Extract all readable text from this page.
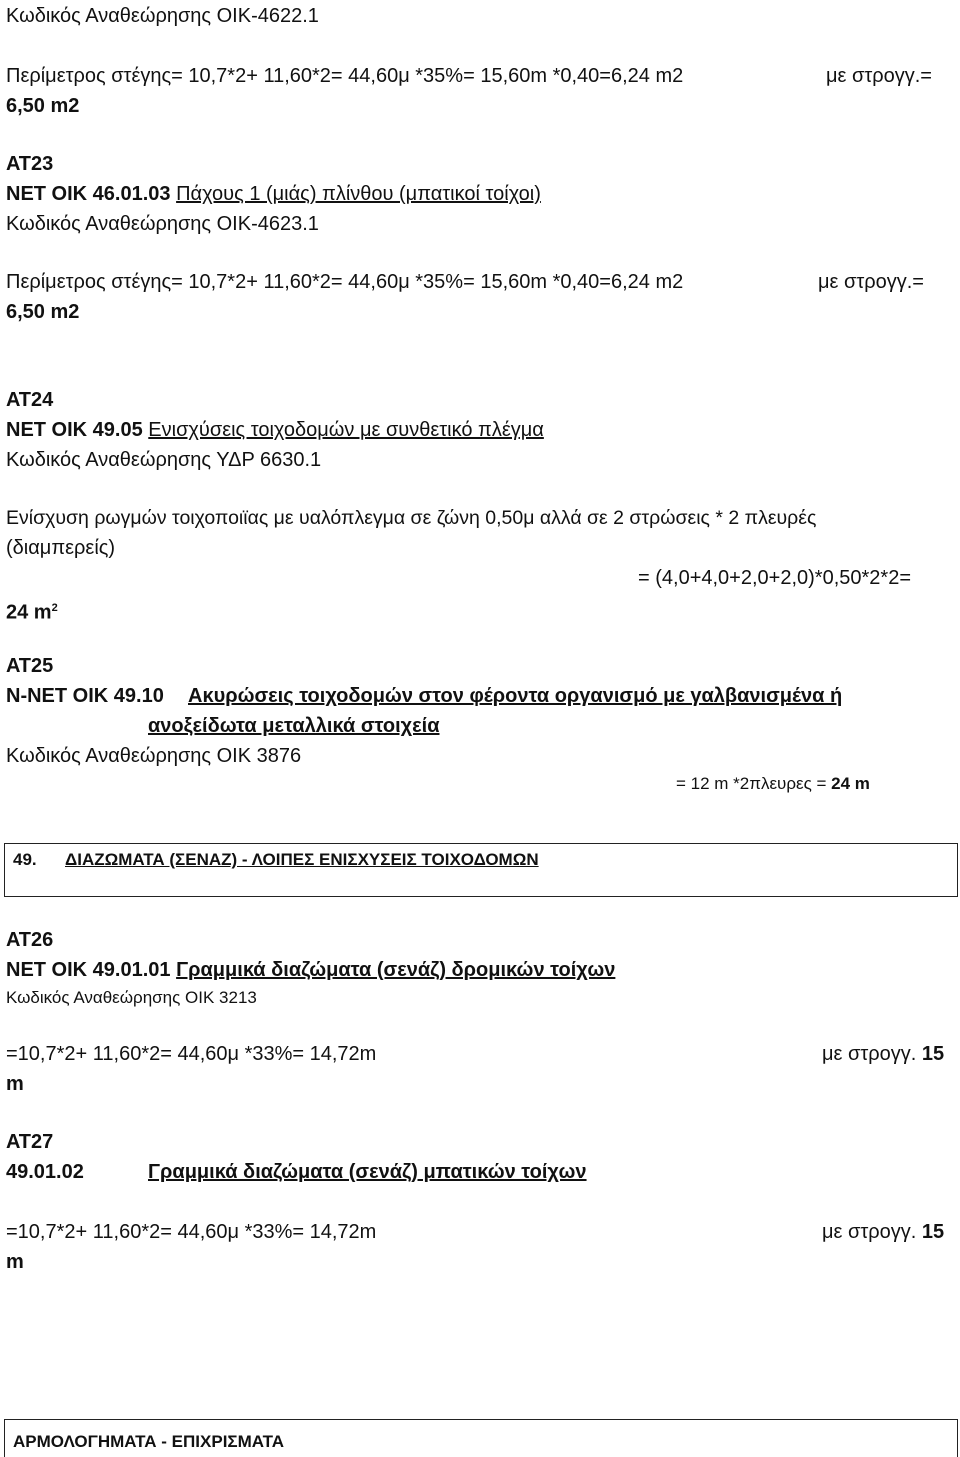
Κωδικός Αναθεώρησης ΟΙΚ-4622.1
Περίμετρος στέγης= 10,7*2+ 11,60*2= 44,60μ *35%= 15,60m *0,40=6,24 m2	με στρογγ.=
6,50 m2
ΑΤ23
ΝΕΤ ΟΙΚ 46.01.03 Πάχους 1 (μιάς) πλίνθου (μπατικοί τοίχοι)
Κωδικός Αναθεώρησης ΟΙΚ-4623.1
Περίμετρος στέγης= 10,7*2+ 11,60*2= 44,60μ *35%= 15,60m *0,40=6,24 m2	με στρογγ.=
6,50 m2
ΑΤ24
ΝΕΤ ΟΙΚ 49.05 Ενισχύσεις τοιχοδομών με συνθετικό πλέγμα
Κωδικός Αναθεώρησης ΥΔΡ 6630.1
Ενίσχυση ρωγμών τοιχοποιϊας με υαλόπλεγμα σε ζώνη 0,50μ αλλά σε 2 στρώσεις * 2 πλευρές
(διαμπερείς)
= (4,0+4,0+2,0+2,0)*0,50*2*2=
24 $m^2$
ΑΤ25
Ν-ΝΕΤ ΟΙΚ 49.10 Ακυρώσεις τοιχοδομών στον φέροντα οργανισμό με γαλβανισμένα ή
ανοξείδωτα μεταλλικά στοιχεία
Κωδικός Αναθεώρησης ΟΙΚ 3876
= 12 m *2πλευρες = 24 m
49. ΔΙΑΖΩΜΑΤΑ (ΣΕΝΑΖ) - ΛΟΙΠΕΣ ΕΝΙΣΧΥΣΕΙΣ ΤΟΙΧΟΔΟΜΩΝ
ΑΤ26
ΝΕΤ ΟΙΚ 49.01.01 Γραμμικά διαζώματα (σενάζ) δρομικών τοίχων
Κωδικός Αναθεώρησης ΟΙΚ 3213
=10,7*2+ 11,60*2= 44,60μ *33%= 14,72m	με στρογγ. 15
m
ΑΤ27
49.01.02	Γραμμικά διαζώματα (σενάζ) μπατικών τοίχων
=10,7*2+ 11,60*2= 44,60μ *33%= 14,72m	με στρογγ. 15
m
ΑΡΜΟΛΟΓΗΜΑΤΑ - ΕΠΙΧΡΙΣΜΑΤΑ
